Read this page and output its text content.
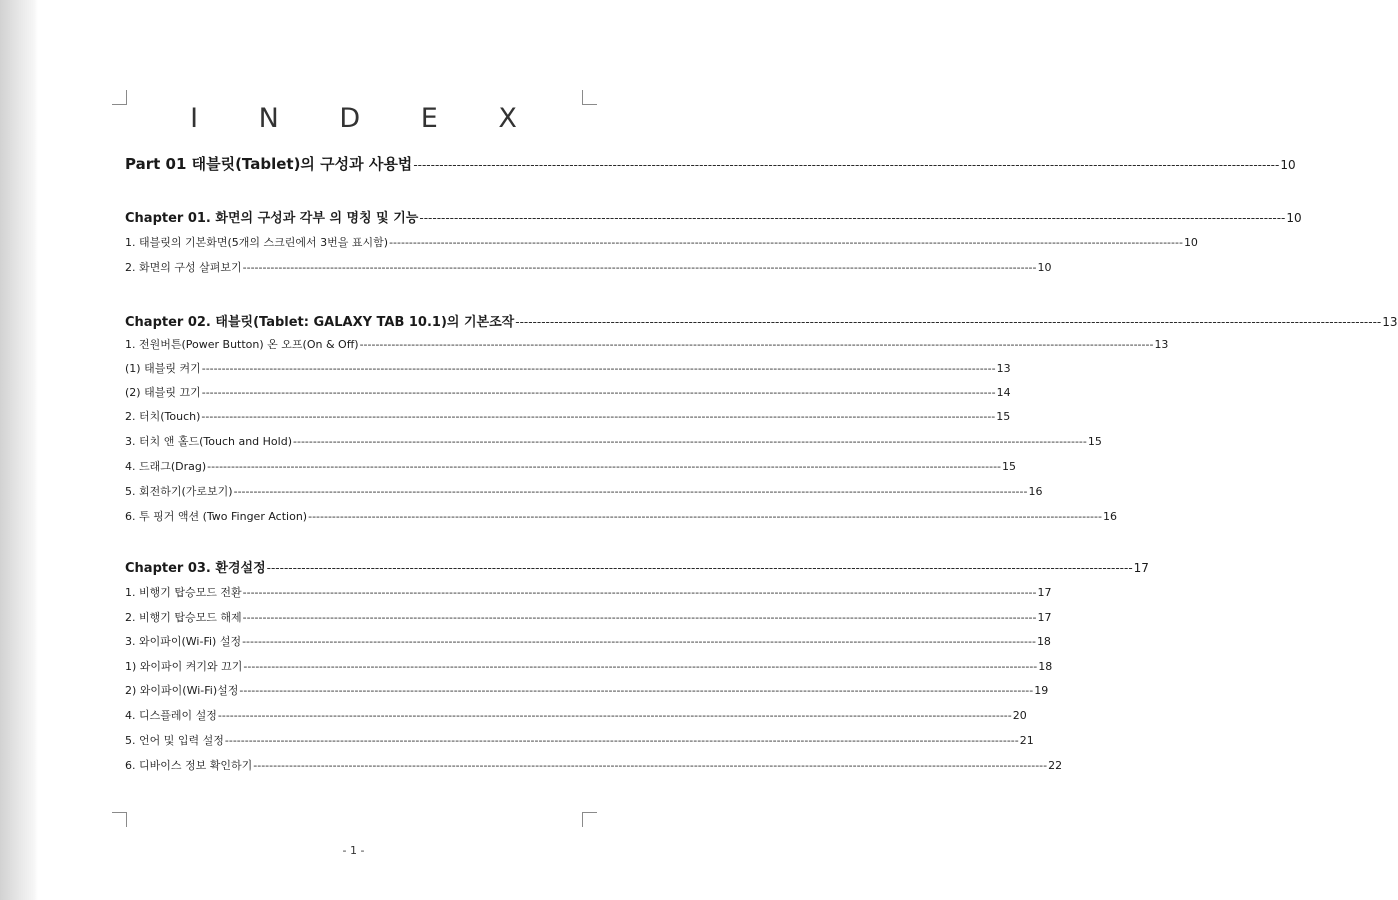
I N D E X
Part 01 태블릿(Tablet)의 구성과 사용법 -------------------------------------------------------------------------------------------------------------------------------------------------------------------------------------------------------- 10
Chapter 01. 화면의 구성과 각부 의 명칭 및 기능 -------------------------------------------------------------------------------------------------------------------------------------------------------------------------------------------------------- 10
1. 태블릿의 기본화면(5개의 스크린에서 3번을 표시함) -------------------------------------------------------------------------------------------------------------------------------------------------------------------------------------------------------- 10
2. 화면의 구성 살펴보기 -------------------------------------------------------------------------------------------------------------------------------------------------------------------------------------------------------- 10
Chapter 02. 태블릿(Tablet: GALAXY TAB 10.1)의 기본조작 -------------------------------------------------------------------------------------------------------------------------------------------------------------------------------------------------------- 13
1. 전원버튼(Power Button) 온 오프(On & Off) -------------------------------------------------------------------------------------------------------------------------------------------------------------------------------------------------------- 13
(1) 태블릿 켜기 -------------------------------------------------------------------------------------------------------------------------------------------------------------------------------------------------------- 13
(2) 태블릿 끄기 -------------------------------------------------------------------------------------------------------------------------------------------------------------------------------------------------------- 14
2. 터치(Touch) -------------------------------------------------------------------------------------------------------------------------------------------------------------------------------------------------------- 15
3. 터치 앤 홀드(Touch and Hold) -------------------------------------------------------------------------------------------------------------------------------------------------------------------------------------------------------- 15
4. 드래그(Drag) -------------------------------------------------------------------------------------------------------------------------------------------------------------------------------------------------------- 15
5. 회전하기(가로보기) -------------------------------------------------------------------------------------------------------------------------------------------------------------------------------------------------------- 16
6. 투 핑거 액션 (Two Finger Action) -------------------------------------------------------------------------------------------------------------------------------------------------------------------------------------------------------- 16
Chapter 03. 환경설정 -------------------------------------------------------------------------------------------------------------------------------------------------------------------------------------------------------- 17
1. 비행기 탑승모드 전환 -------------------------------------------------------------------------------------------------------------------------------------------------------------------------------------------------------- 17
2. 비행기 탑승모드 해제 -------------------------------------------------------------------------------------------------------------------------------------------------------------------------------------------------------- 17
3. 와이파이(Wi-Fi) 설정 -------------------------------------------------------------------------------------------------------------------------------------------------------------------------------------------------------- 18
1) 와이파이 켜기와 끄기 -------------------------------------------------------------------------------------------------------------------------------------------------------------------------------------------------------- 18
2) 와이파이(Wi-Fi)설정 -------------------------------------------------------------------------------------------------------------------------------------------------------------------------------------------------------- 19
4. 디스플레이 설정 -------------------------------------------------------------------------------------------------------------------------------------------------------------------------------------------------------- 20
5. 언어 및 입력 설정 -------------------------------------------------------------------------------------------------------------------------------------------------------------------------------------------------------- 21
6. 디바이스 정보 확인하기 -------------------------------------------------------------------------------------------------------------------------------------------------------------------------------------------------------- 22
- 1 -
